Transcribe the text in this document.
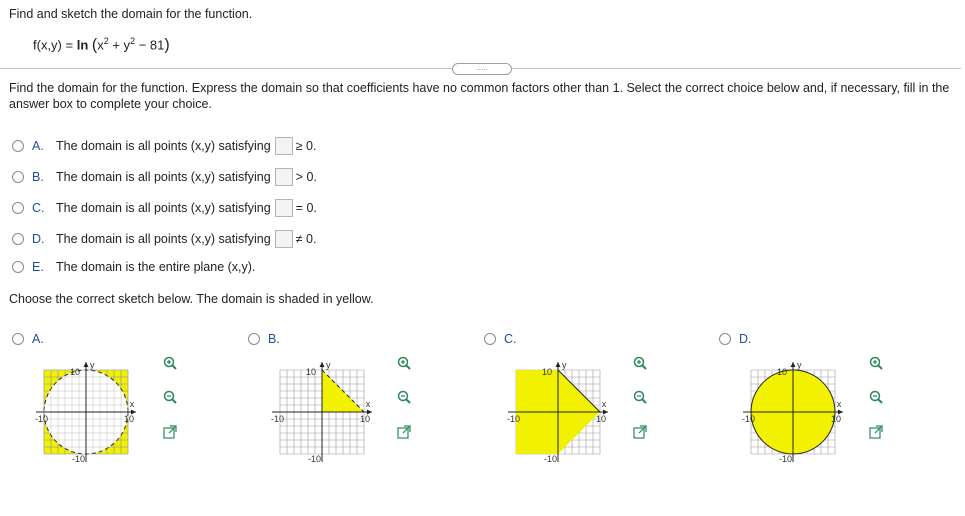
Find and sketch the domain for the function.
$f(x,y) = \ln (x^2 + y^2 - 81)$
.....
Find the domain for the function. Express the domain so that coefficients have no common factors other than 1. Select the correct choice below and, if necessary, fill in the answer box to complete your choice.
A. The domain is all points (x,y) satisfying ≥ 0.
B. The domain is all points (x,y) satisfying > 0.
C. The domain is all points (x,y) satisfying = 0.
D. The domain is all points (x,y) satisfying ≠ 0.
E. The domain is the entire plane (x,y).
Choose the correct sketch below. The domain is shaded in yellow.
A.	B.	C.	D.
y
x
10
-10
10
-10
y
x
10
-10
10
-10
y
x
10
-10
10
-10
y
x
10
-10
10
-10
